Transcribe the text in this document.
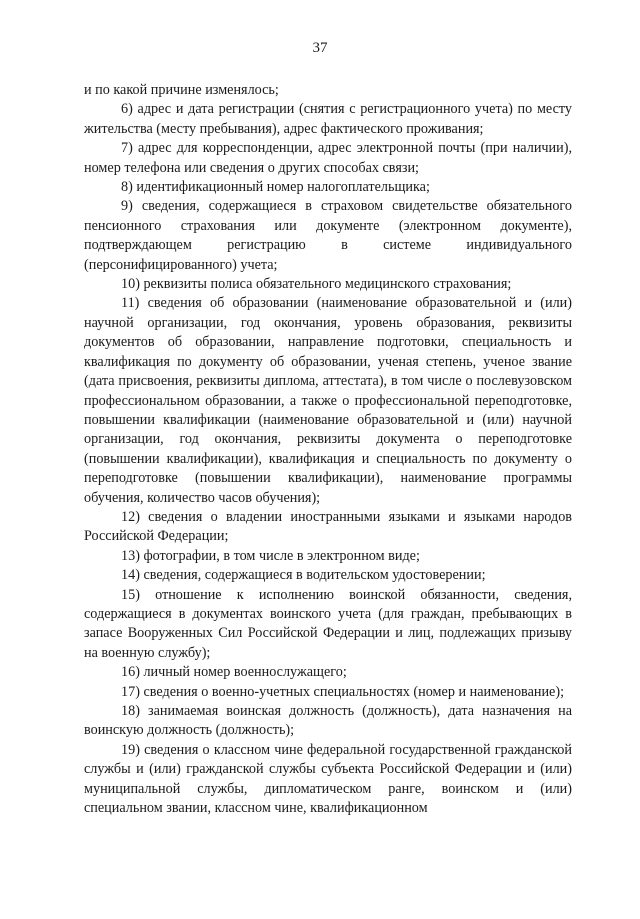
37

и по какой причине изменялось;

6) адрес и дата регистрации (снятия с регистрационного учета) по месту жительства (месту пребывания), адрес фактического проживания;

7) адрес для корреспонденции, адрес электронной почты (при наличии), номер телефона или сведения о других способах связи;

8) идентификационный номер налогоплательщика;

9) сведения, содержащиеся в страховом свидетельстве обязательного пенсионного страхования или документе (электронном документе), подтверждающем регистрацию в системе индивидуального (персонифицированного) учета;

10) реквизиты полиса обязательного медицинского страхования;

11) сведения об образовании (наименование образовательной и (или) научной организации, год окончания, уровень образования, реквизиты документов об образовании, направление подготовки, специальность и квалификация по документу об образовании, ученая степень, ученое звание (дата присвоения, реквизиты диплома, аттестата), в том числе о послевузовском профессиональном образовании, а также о профессиональной переподготовке, повышении квалификации (наименование образовательной и (или) научной организации, год окончания, реквизиты документа о переподготовке (повышении квалификации), квалификация и специальность по документу о переподготовке (повышении квалификации), наименование программы обучения, количество часов обучения);

12) сведения о владении иностранными языками и языками народов Российской Федерации;

13) фотографии, в том числе в электронном виде;

14) сведения, содержащиеся в водительском удостоверении;

15) отношение к исполнению воинской обязанности, сведения, содержащиеся в документах воинского учета (для граждан, пребывающих в запасе Вооруженных Сил Российской Федерации и лиц, подлежащих призыву на военную службу);

16) личный номер военнослужащего;

17) сведения о военно-учетных специальностях (номер и наименование);

18) занимаемая воинская должность (должность), дата назначения на воинскую должность (должность);

19) сведения о классном чине федеральной государственной гражданской службы и (или) гражданской службы субъекта Российской Федерации и (или) муниципальной службы, дипломатическом ранге, воинском и (или) специальном звании, классном чине, квалификационном
